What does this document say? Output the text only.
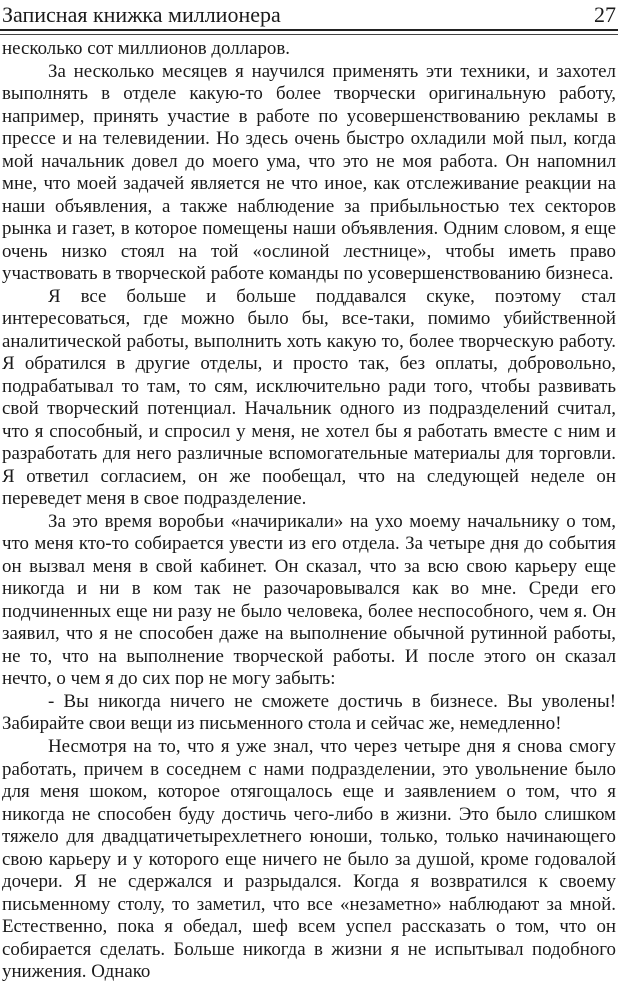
Записная книжка миллионера	27

несколько сот миллионов долларов.

За несколько месяцев я научился применять эти техники, и захотел выполнять в отделе какую-то более творчески оригинальную работу, например, принять участие в работе по усовершенствованию рекламы в прессе и на телевидении. Но здесь очень быстро охладили мой пыл, когда мой начальник довел до моего ума, что это не моя работа. Он напомнил мне, что моей задачей является не что иное, как отслеживание реакции на наши объявления, а также наблюдение за прибыльностью тех секторов рынка и газет, в которое помещены наши объявления. Одним словом, я еще очень низко стоял на той «ослиной лестнице», чтобы иметь право участвовать в творческой работе команды по усовершенствованию бизнеса.

Я все больше и больше поддавался скуке, поэтому стал интересоваться, где можно было бы, все-таки, помимо убийственной аналитической работы, выполнить хоть какую то, более творческую работу. Я обратился в другие отделы, и просто так, без оплаты, добровольно, подрабатывал то там, то сям, исключительно ради того, чтобы развивать свой творческий потенциал. Начальник одного из подразделений считал, что я способный, и спросил у меня, не хотел бы я работать вместе с ним и разработать для него различные вспомогательные материалы для торговли. Я ответил согласием, он же пообещал, что на следующей неделе он переведет меня в свое подразделение.

За это время воробьи «начирикали» на ухо моему начальнику о том, что меня кто-то собирается увести из его отдела. За четыре дня до события он вызвал меня в свой кабинет. Он сказал, что за всю свою карьеру еще никогда и ни в ком так не разочаровывался как во мне. Среди его подчиненных еще ни разу не было человека, более неспособного, чем я. Он заявил, что я не способен даже на выполнение обычной рутинной работы, не то, что на выполнение творческой работы. И после этого он сказал нечто, о чем я до сих пор не могу забыть:

- Вы никогда ничего не сможете достичь в бизнесе. Вы уволены! Забирайте свои вещи из письменного стола и сейчас же, немедленно!

Несмотря на то, что я уже знал, что через четыре дня я снова смогу работать, причем в соседнем с нами подразделении, это увольнение было для меня шоком, которое отягощалось еще и заявлением о том, что я никогда не способен буду достичь чего-либо в жизни. Это было слишком тяжело для двадцатичетырехлетнего юноши, только, только начинающего свою карьеру и у которого еще ничего не было за душой, кроме годовалой дочери. Я не сдержался и разрыдался. Когда я возвратился к своему письменному столу, то заметил, что все «незаметно» наблюдают за мной. Естественно, пока я обедал, шеф всем успел рассказать о том, что он собирается сделать. Больше никогда в жизни я не испытывал подобного унижения. Однако
